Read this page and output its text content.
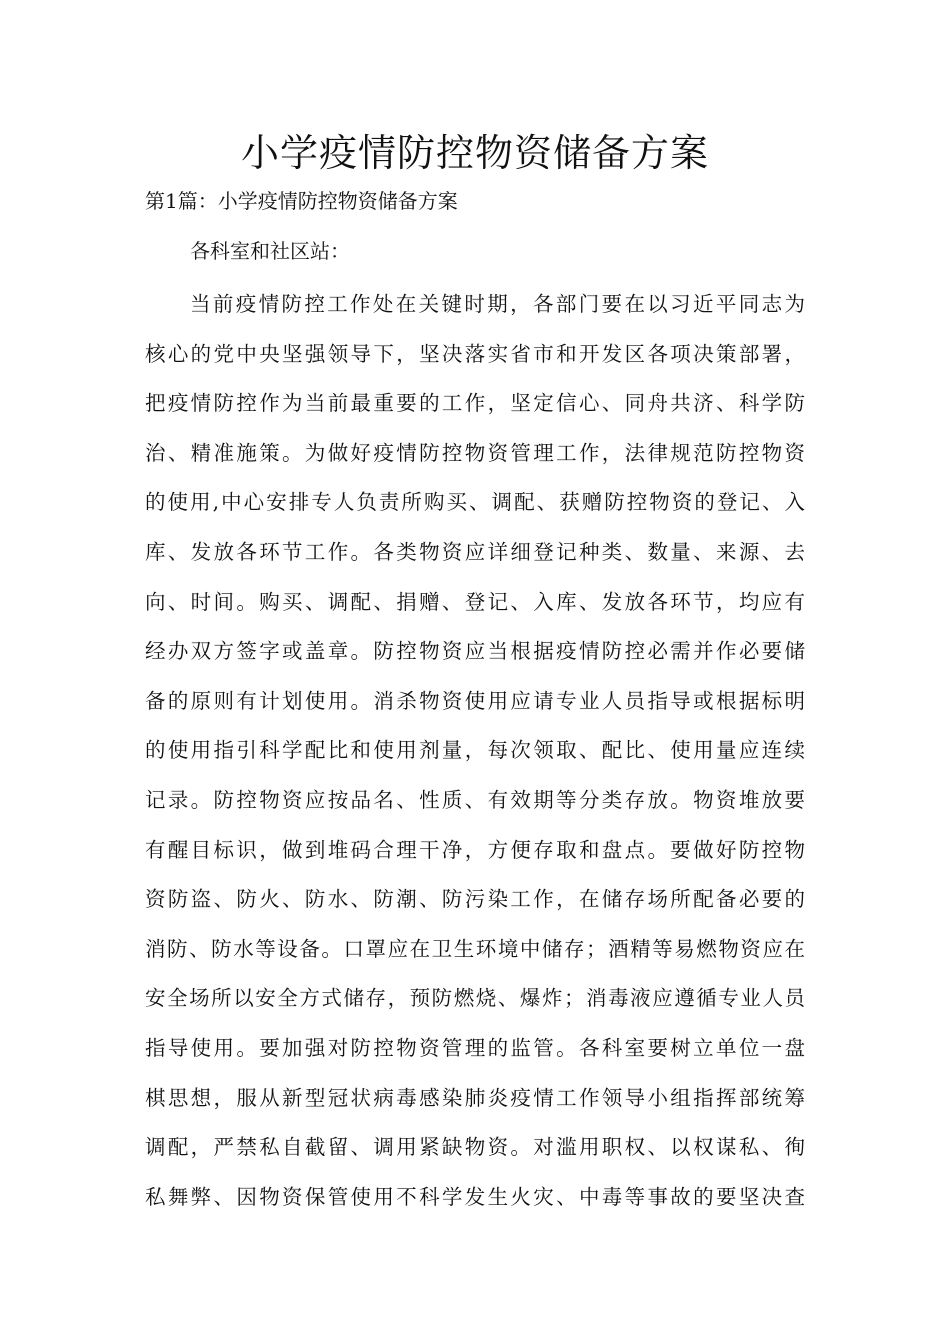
小学疫情防控物资储备方案

第1篇：小学疫情防控物资储备方案

各科室和社区站：

当前疫情防控工作处在关键时期，各部门要在以习近平同志为
核心的党中央坚强领导下，坚决落实省市和开发区各项决策部署，
把疫情防控作为当前最重要的工作，坚定信心、同舟共济、科学防
治、精准施策。为做好疫情防控物资管理工作，法律规范防控物资
的使用,中心安排专人负责所购买、调配、获赠防控物资的登记、入
库、发放各环节工作。各类物资应详细登记种类、数量、来源、去
向、时间。购买、调配、捐赠、登记、入库、发放各环节，均应有
经办双方签字或盖章。防控物资应当根据疫情防控必需并作必要储
备的原则有计划使用。消杀物资使用应请专业人员指导或根据标明
的使用指引科学配比和使用剂量，每次领取、配比、使用量应连续
记录。防控物资应按品名、性质、有效期等分类存放。物资堆放要
有醒目标识，做到堆码合理干净，方便存取和盘点。要做好防控物
资防盗、防火、防水、防潮、防污染工作，在储存场所配备必要的
消防、防水等设备。口罩应在卫生环境中储存；酒精等易燃物资应在
安全场所以安全方式储存，预防燃烧、爆炸；消毒液应遵循专业人员
指导使用。要加强对防控物资管理的监管。各科室要树立单位一盘
棋思想，服从新型冠状病毒感染肺炎疫情工作领导小组指挥部统筹
调配，严禁私自截留、调用紧缺物资。对滥用职权、以权谋私、徇
私舞弊、因物资保管使用不科学发生火灾、中毒等事故的要坚决查
